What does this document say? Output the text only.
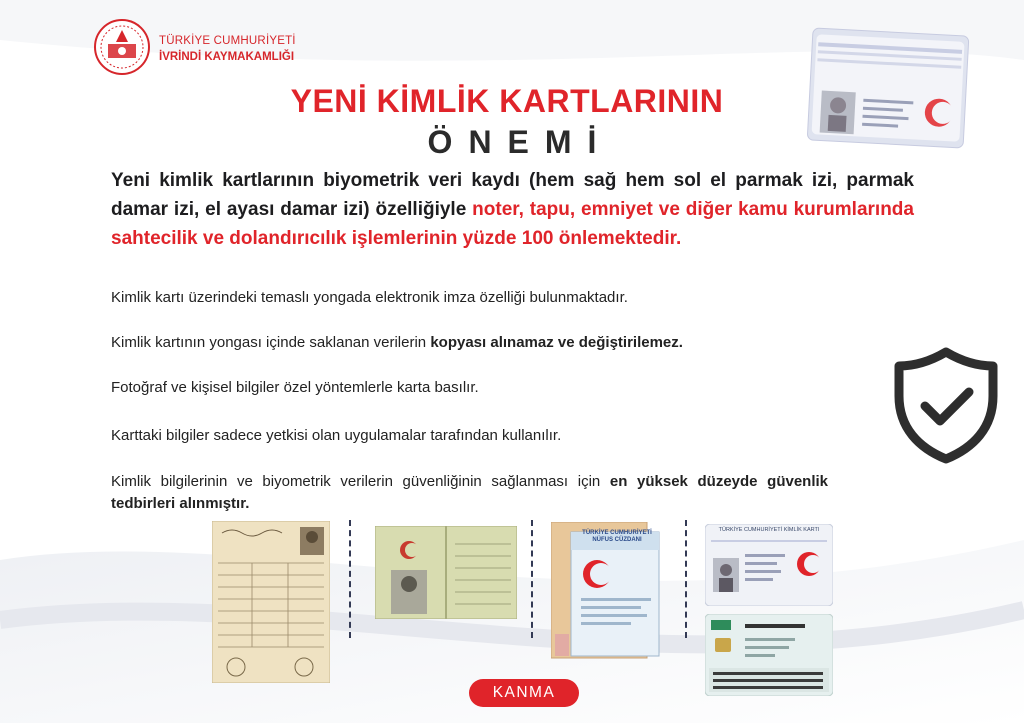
TÜRKİYE CUMHURİYETİ
İVRİNDİ KAYMAKAMLIĞI
YENİ KİMLİK KARTLARININ
ÖNEMİ
Yeni kimlik kartlarının biyometrik veri kaydı (hem sağ hem sol el parmak izi, parmak damar izi, el ayası damar izi) özelliğiyle noter, tapu, emniyet ve diğer kamu kurumlarında sahtecilik ve dolandırıcılık işlemlerinin yüzde 100 önlemektedir.
Kimlik kartı üzerindeki temaslı yongada elektronik imza özelliği bulunmaktadır.
Kimlik kartının yongası içinde saklanan verilerin kopyası alınamaz ve değiştirilemez.
Fotoğraf ve kişisel bilgiler özel yöntemlerle karta basılır.
Karttaki bilgiler sadece yetkisi olan uygulamalar tarafından kullanılır.
Kimlik bilgilerinin ve biyometrik verilerin güvenliğinin sağlanması için en yüksek düzeyde güvenlik tedbirleri alınmıştır.
TÜRKİYE CUMHURİYETİ
NÜFUS CÜZDANI
TÜRKİYE CUMHURİYETİ KİMLİK KARTI
KANMA
